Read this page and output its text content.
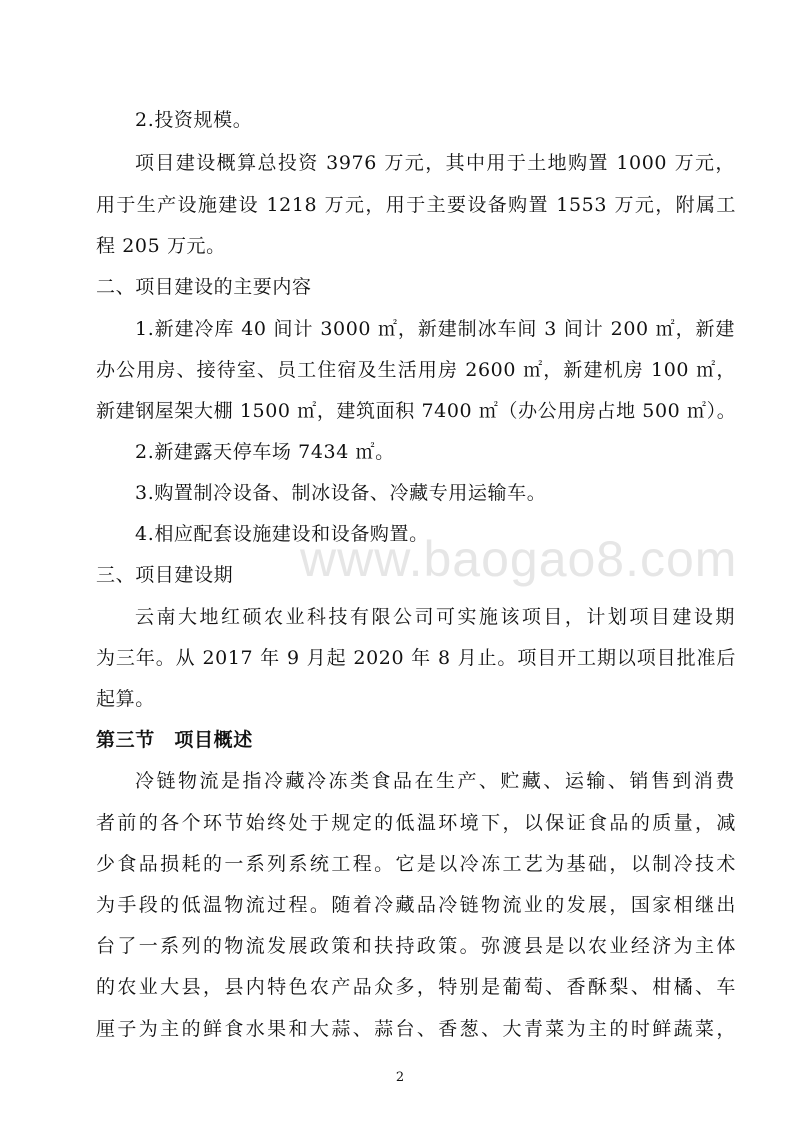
www.baogao8.com
2.投资规模。
项目建设概算总投资 3976 万元，其中用于土地购置 1000 万元，
用于生产设施建设 1218 万元，用于主要设备购置 1553 万元，附属工
程 205 万元。
二、项目建设的主要内容
1.新建冷库 40 间计 3000 ㎡，新建制冰车间 3 间计 200 ㎡，新建
办公用房、接待室、员工住宿及生活用房 2600 ㎡，新建机房 100 ㎡，
新建钢屋架大棚 1500 ㎡，建筑面积 7400 ㎡（办公用房占地 500 ㎡）。
2.新建露天停车场 7434 ㎡。
3.购置制冷设备、制冰设备、冷藏专用运输车。
4.相应配套设施建设和设备购置。
三、项目建设期
云南大地红硕农业科技有限公司可实施该项目，计划项目建设期
为三年。从 2017 年 9 月起 2020 年 8 月止。项目开工期以项目批准后
起算。
第三节　项目概述
冷链物流是指冷藏冷冻类食品在生产、贮藏、运输、销售到消费
者前的各个环节始终处于规定的低温环境下，以保证食品的质量，减
少食品损耗的一系列系统工程。它是以冷冻工艺为基础，以制冷技术
为手段的低温物流过程。随着冷藏品冷链物流业的发展，国家相继出
台了一系列的物流发展政策和扶持政策。弥渡县是以农业经济为主体
的农业大县，县内特色农产品众多，特别是葡萄、香酥梨、柑橘、车
厘子为主的鲜食水果和大蒜、蒜台、香葱、大青菜为主的时鲜蔬菜，
2
